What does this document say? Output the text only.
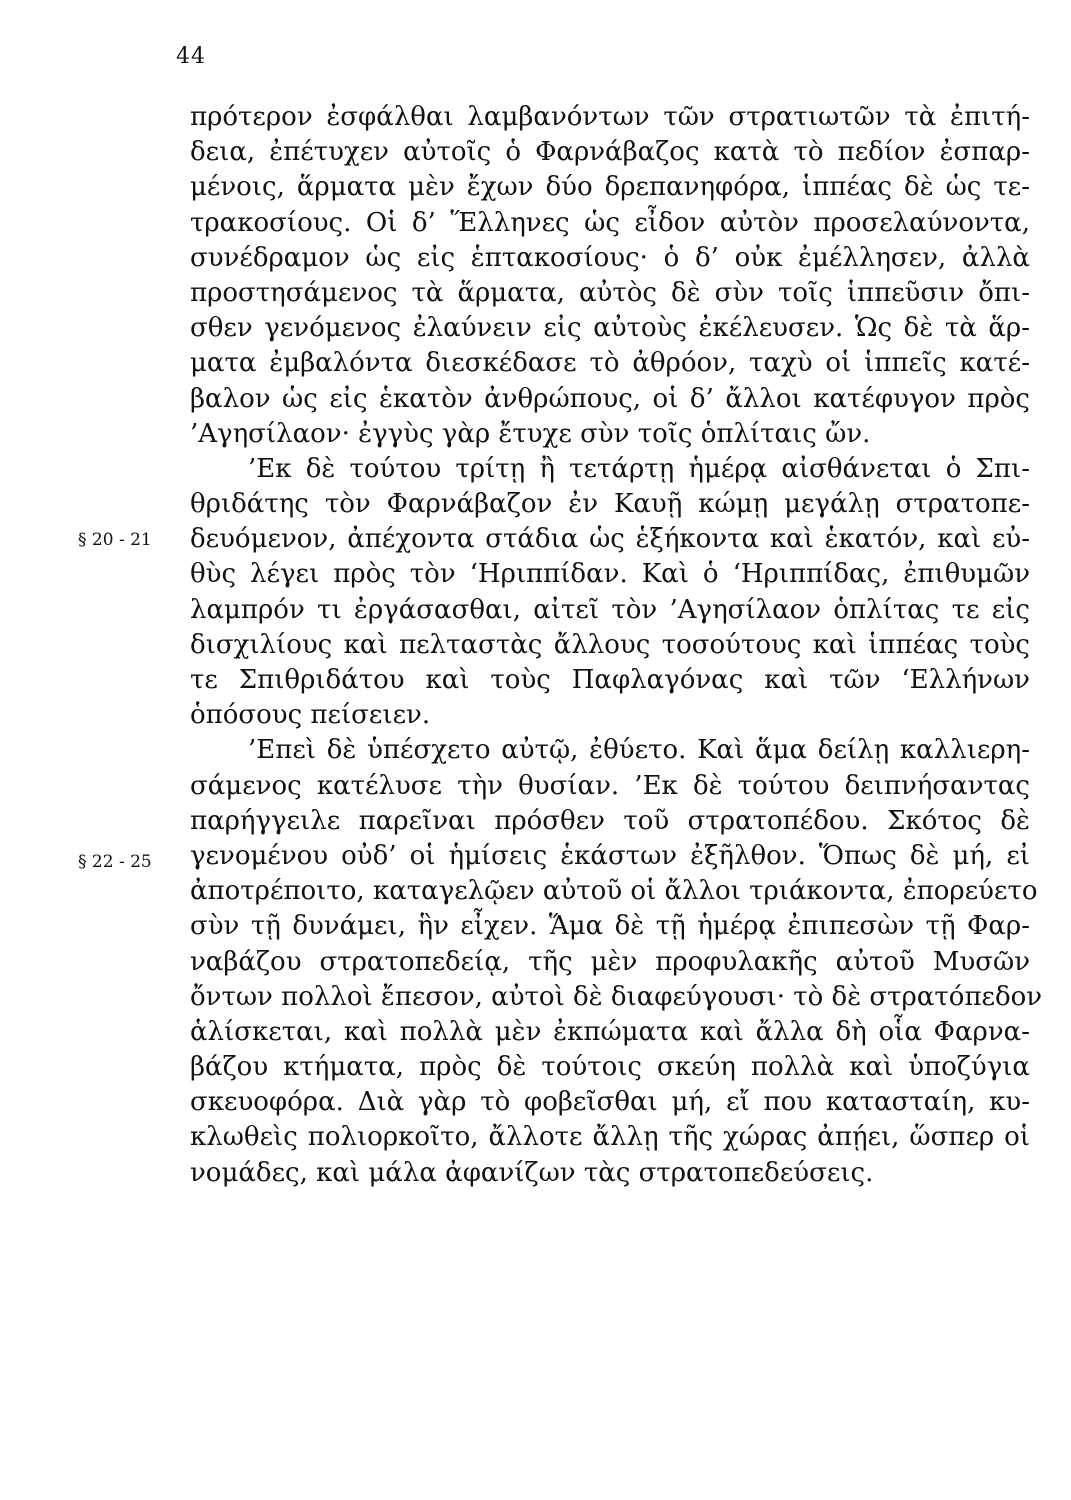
44
§ 20 - 21
§ 22 - 25
πρότερον ἐσφάλθαι λαμβανόντων τῶν στρατιωτῶν τὰ ἐπιτή-
δεια, ἐπέτυχεν αὐτοῖς ὁ Φαρνάβαζος κατὰ τὸ πεδίον ἐσπαρ-
μένοις, ἅρματα μὲν ἔχων δύο δρεπανηφόρα, ἱππέας δὲ ὡς τε-
τρακοσίους. Οἱ δ’ Ἕλληνες ὡς εἶδον αὐτὸν προσελαύνοντα,
συνέδραμον ὡς εἰς ἑπτακοσίους· ὁ δ’ οὐκ ἐμέλλησεν, ἀλλὰ
προστησάμενος τὰ ἅρματα, αὐτὸς δὲ σὺν τοῖς ἱππεῦσιν ὄπι-
σθεν γενόμενος ἐλαύνειν εἰς αὐτοὺς ἐκέλευσεν. Ὡς δὲ τὰ ἅρ-
ματα ἐμβαλόντα διεσκέδασε τὸ ἀθρόον, ταχὺ οἱ ἱππεῖς κατέ-
βαλον ὡς εἰς ἑκατὸν ἀνθρώπους, οἱ δ’ ἄλλοι κατέφυγον πρὸς
’Αγησίλαον· ἐγγὺς γὰρ ἔτυχε σὺν τοῖς ὁπλίταις ὤν.
’Εκ δὲ τούτου τρίτῃ ἢ τετάρτῃ ἡμέρᾳ αἰσθάνεται ὁ Σπι-
θριδάτης τὸν Φαρνάβαζον ἐν Καυῇ κώμῃ μεγάλῃ στρατοπε-
δευόμενον, ἀπέχοντα στάδια ὡς ἑξήκοντα καὶ ἑκατόν, καὶ εὐ-
θὺς λέγει πρὸς τὸν ‘Ηριππίδαν. Καὶ ὁ ‘Ηριππίδας, ἐπιθυμῶν
λαμπρόν τι ἐργάσασθαι, αἰτεῖ τὸν ’Αγησίλαον ὁπλίτας τε εἰς
δισχιλίους καὶ πελταστὰς ἄλλους τοσούτους καὶ ἱππέας τοὺς
τε Σπιθριδάτου καὶ τοὺς Παφλαγόνας καὶ τῶν ‘Ελλήνων
ὁπόσους πείσειεν.
’Επεὶ δὲ ὑπέσχετο αὐτῷ, ἐθύετο. Καὶ ἅμα δείλῃ καλλιερη-
σάμενος κατέλυσε τὴν θυσίαν. ’Εκ δὲ τούτου δειπνήσαντας
παρήγγειλε παρεῖναι πρόσθεν τοῦ στρατοπέδου. Σκότος δὲ
γενομένου οὐδ’ οἱ ἡμίσεις ἑκάστων ἐξῆλθον. Ὅπως δὲ μή, εἰ
ἀποτρέποιτο, καταγελῷεν αὐτοῦ οἱ ἄλλοι τριάκοντα, ἐπορεύετο
σὺν τῇ δυνάμει, ἣν εἶχεν. Ἅμα δὲ τῇ ἡμέρᾳ ἐπιπεσὼν τῇ Φαρ-
ναβάζου στρατοπεδείᾳ, τῆς μὲν προφυλακῆς αὐτοῦ Μυσῶν
ὄντων πολλοὶ ἔπεσον, αὐτοὶ δὲ διαφεύγουσι· τὸ δὲ στρατόπεδον
ἁλίσκεται, καὶ πολλὰ μὲν ἐκπώματα καὶ ἄλλα δὴ οἷα Φαρνα-
βάζου κτήματα, πρὸς δὲ τούτοις σκεύη πολλὰ καὶ ὑποζύγια
σκευοφόρα. Διὰ γὰρ τὸ φοβεῖσθαι μή, εἴ που κατασταίη, κυ-
κλωθεὶς πολιορκοῖτο, ἄλλοτε ἄλλῃ τῆς χώρας ἀπῄει, ὥσπερ οἱ
νομάδες, καὶ μάλα ἀφανίζων τὰς στρατοπεδεύσεις.
